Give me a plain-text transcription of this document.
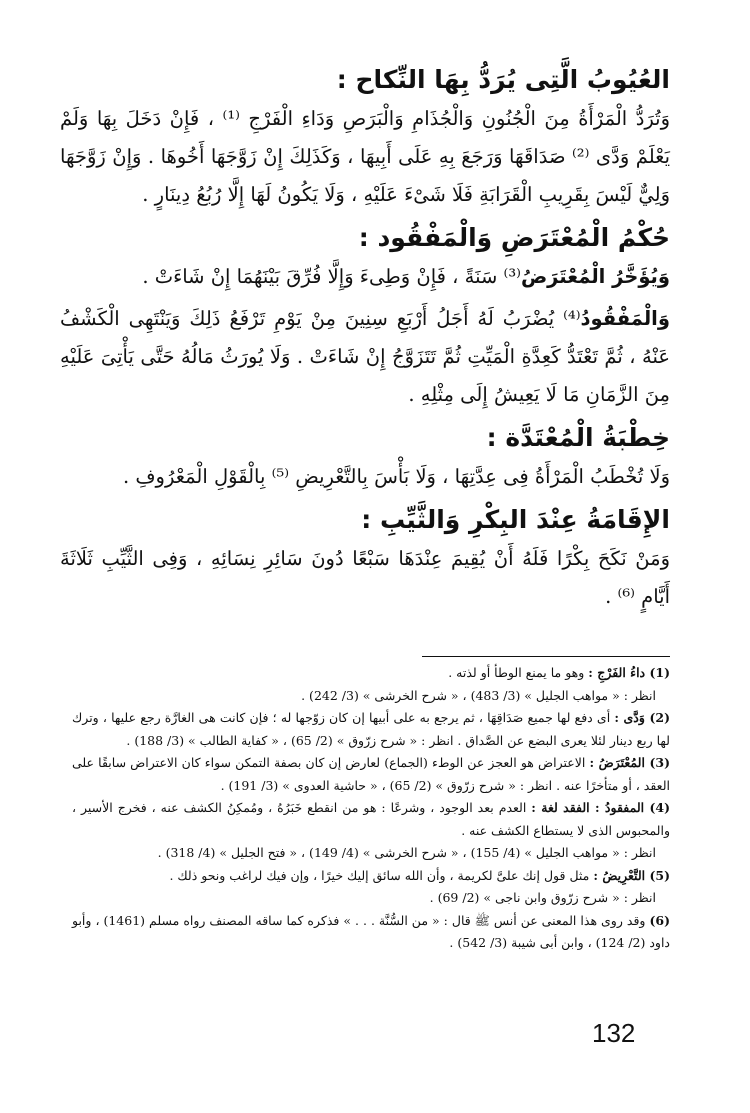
العُيُوبُ الَّتِى يُرَدُّ بِهَا النِّكاح :

وَتُرَدُّ الْمَرْأَةُ مِنَ الْجُنُونِ وَالْجُذَامِ وَالْبَرَصِ وَدَاءِ الْفَرْجِ ⁽¹⁾ ، فَإِنْ دَخَلَ بِهَا وَلَمْ يَعْلَمْ وَدَّى ⁽²⁾ صَدَاقَهَا وَرَجَعَ بِهِ عَلَى أَبِيهَا ، وَكَذَلِكَ إِنْ زَوَّجَهَا أَخُوهَا . وَإِنْ زَوَّجَهَا وَلِيٌّ لَيْسَ بِقَرِيبِ الْقَرَابَةِ فَلَا شَىْءَ عَلَيْهِ ، وَلَا يَكُونُ لَهَا إِلَّا رُبُعُ دِينَارٍ .

حُكْمُ الْمُعْتَرَضِ وَالْمَفْقُود :

وَيُؤَخَّرُ الْمُعْتَرَضُ⁽³⁾ سَنَةً ، فَإِنْ وَطِىءَ وَإِلَّا فُرِّقَ بَيْنَهُمَا إِنْ شَاءَتْ .

وَالْمَفْقُودُ⁽⁴⁾ يُضْرَبُ لَهُ أَجَلُ أَرْبَعِ سِنِينَ مِنْ يَوْمِ تَرْفَعُ ذَلِكَ وَيَنْتَهِى الْكَشْفُ عَنْهُ ، ثُمَّ تَعْتَدُّ كَعِدَّةِ الْمَيِّتِ ثُمَّ تَتَزَوَّجُ إِنْ شَاءَتْ . وَلَا يُورَثُ مَالُهُ حَتَّى يَأْتِىَ عَلَيْهِ مِنَ الزَّمَانِ مَا لَا يَعِيشُ إِلَى مِثْلِهِ .

خِطْبَةُ الْمُعْتَدَّة :

وَلَا تُخْطَبُ الْمَرْأَةُ فِى عِدَّتِهَا ، وَلَا بَأْسَ بِالتَّعْرِيضِ ⁽⁵⁾ بِالْقَوْلِ الْمَعْرُوفِ .

الإِقَامَةُ عِنْدَ البِكْرِ وَالثَّيِّبِ :

وَمَنْ نَكَحَ بِكْرًا فَلَهُ أَنْ يُقِيمَ عِنْدَهَا سَبْعًا دُونَ سَائِرِ نِسَائِهِ ، وَفِى الثَّيِّبِ ثَلَاثَةَ أَيَّامٍ ⁽⁶⁾ .

(1) داءُ الفَرْجِ : وهو ما يمنع الوطأ أو لذته .
انظر : « مواهب الجليل » (3/ 483) ، « شرح الخرشى » (3/ 242) .

(2) وَدَّى : أى دفع لها جميع صَدَاقِهَا ، ثم يرجع به على أبيها إن كان زوّجها له ؛ فإن كانت هى الغارَّة رجع عليها ، وترك لها ربع دينار لئلا يعرى البضع عن الصَّداق . انظر : « شرح زرّوق » (2/ 65) ، « كفاية الطالب » (3/ 188) .

(3) المُعْتَرَضُ : الاعتراض هو العجز عن الوطء (الجماع) لعارض إن كان بصفة التمكن سواء كان الاعتراض سابقًا على العقد ، أو متأخرًا عنه . انظر : « شرح زرّوق » (2/ 65) ، « حاشية العدوى » (3/ 191) .

(4) المفقودُ : الفقد لغة : العدم بعد الوجود ، وشرعًا : هو من انقطع خَبَرُهُ ، ومُمكِنُ الكشف عنه ، فخرج الأسير ، والمحبوس الذى لا يستطاع الكشف عنه .
انظر : « مواهب الجليل » (4/ 155) ، « شرح الخرشى » (4/ 149) ، « فتح الجليل » (4/ 318) .

(5) التَّعْرِيضُ : مثل قول إنك علىَّ لكريمة ، وأن الله سائق إليك خيرًا ، وإن فيك لراغب ونحو ذلك .
انظر : « شرح زرّوق وابن ناجى » (2/ 69) .

(6) وقد روى هذا المعنى عن أنس ﷺ قال : « من السُّنَّة . . . » فذكره كما ساقه المصنف رواه مسلم (1461) ، وأبو داود (2/ 124) ، وابن أبى شيبة (3/ 542) .

132
